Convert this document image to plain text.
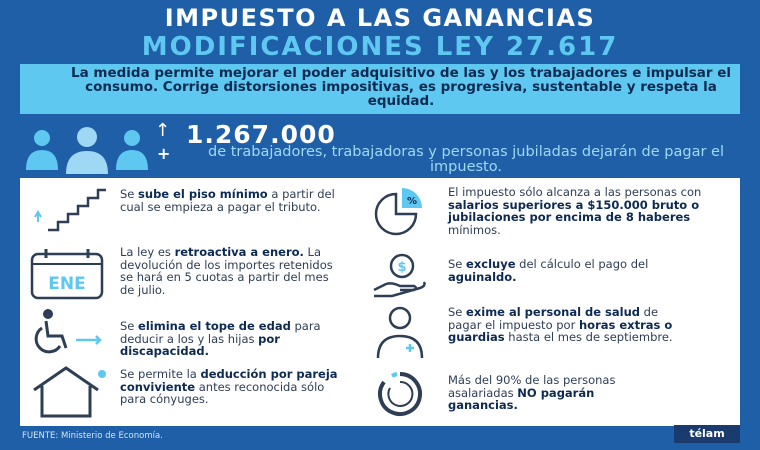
IMPUESTO A LAS GANANCIAS
MODIFICACIONES LEY 27.617
La medida permite mejorar el poder adquisitivo de las y los trabajadores e impulsar el consumo. Corrige distorsiones impositivas, es progresiva, sustentable y respeta la equidad.
↑
+
1.267.000
de trabajadores, trabajadoras y personas jubiladas dejarán de pagar el impuesto.
Se sube el piso mínimo a partir del cual se empieza a pagar el tributo.
ENE
La ley es retroactiva a enero. La devolución de los importes retenidos se hará en 5 cuotas a partir del mes de julio.
Se elimina el tope de edad para deducir a los y las hijas por discapacidad.
Se permite la deducción por pareja conviviente antes reconocida sólo para cónyuges.
%
El impuesto sólo alcanza a las personas con salarios superiores a $150.000 bruto o jubilaciones por encima de 8 haberes mínimos.
$	Se excluye del cálculo el pago del aguinaldo.
Se exime al personal de salud de pagar el impuesto por horas extras o guardias hasta el mes de septiembre.
Más del 90% de las personas asalariadas NO pagarán ganancias.
FUENTE: Ministerio de Economía.	télam
